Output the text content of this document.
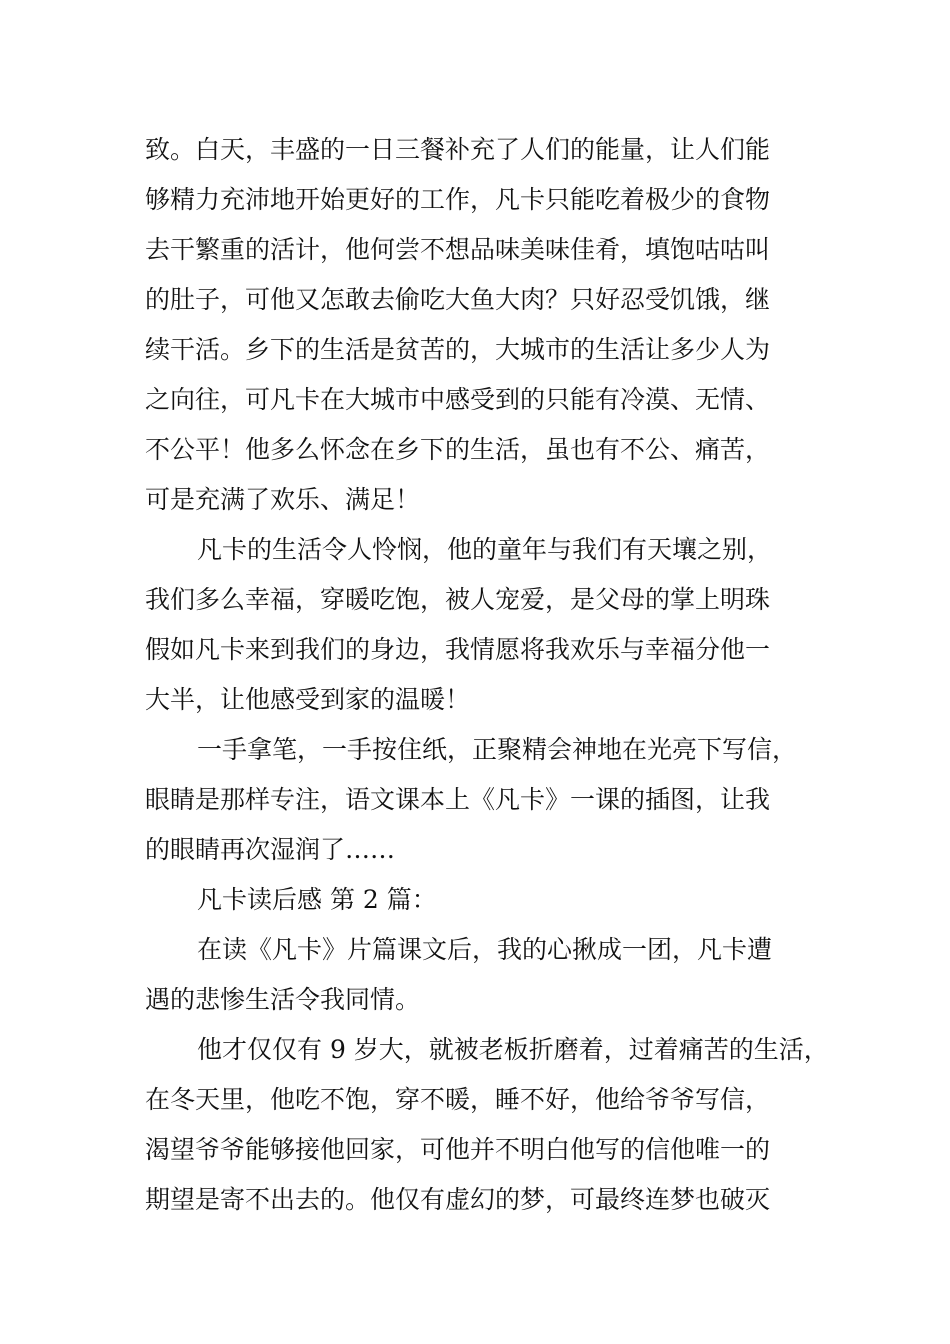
致。白天，丰盛的一日三餐补充了人们的能量，让人们能
够精力充沛地开始更好的工作，凡卡只能吃着极少的食物
去干繁重的活计，他何尝不想品味美味佳肴，填饱咕咕叫
的肚子，可他又怎敢去偷吃大鱼大肉？只好忍受饥饿，继
续干活。乡下的生活是贫苦的，大城市的生活让多少人为
之向往，可凡卡在大城市中感受到的只能有冷漠、无情、
不公平！他多么怀念在乡下的生活，虽也有不公、痛苦，
可是充满了欢乐、满足！
凡卡的生活令人怜悯，他的童年与我们有天壤之别，
我们多么幸福，穿暖吃饱，被人宠爱，是父母的掌上明珠
假如凡卡来到我们的身边，我情愿将我欢乐与幸福分他一
大半，让他感受到家的温暖！
一手拿笔，一手按住纸，正聚精会神地在光亮下写信，
眼睛是那样专注，语文课本上《凡卡》一课的插图，让我
的眼睛再次湿润了……
凡卡读后感 第 2 篇：
在读《凡卡》片篇课文后，我的心揪成一团，凡卡遭
遇的悲惨生活令我同情。
他才仅仅有 9 岁大，就被老板折磨着，过着痛苦的生活，
在冬天里，他吃不饱，穿不暖，睡不好，他给爷爷写信，
渴望爷爷能够接他回家，可他并不明白他写的信他唯一的
期望是寄不出去的。他仅有虚幻的梦，可最终连梦也破灭
